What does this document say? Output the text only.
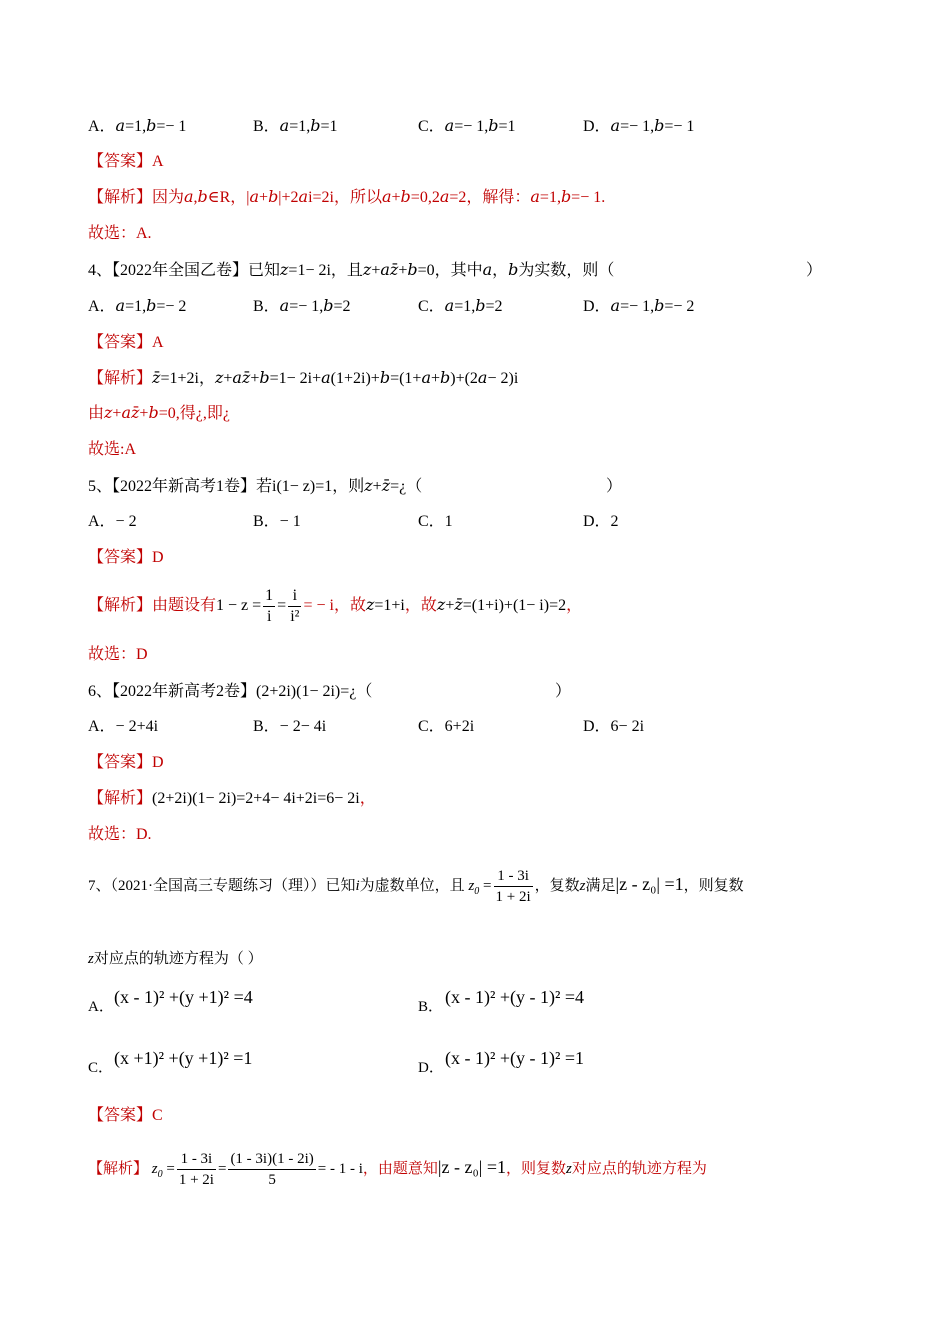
A．𝑎=1,𝑏=− 1	B．𝑎=1,𝑏=1	C．𝑎=− 1,𝑏=1	D．𝑎=− 1,𝑏=− 1
【答案】A
【解析】因为𝑎,𝑏∈R，|𝑎+𝑏|+2𝑎i=2i，所以𝑎+𝑏=0,2𝑎=2，解得：𝑎=1,𝑏=− 1.
故选：A.
4、【2022年全国乙卷】已知𝑧=1− 2i，且𝑧+𝑎𝑧̄+𝑏=0，其中𝑎，𝑏为实数，则（	）
A．𝑎=1,𝑏=− 2	B．𝑎=− 1,𝑏=2	C．𝑎=1,𝑏=2	D．𝑎=− 1,𝑏=− 2
【答案】A
【解析】𝑧̄=1+2i，𝑧+𝑎𝑧̄+𝑏=1− 2i+𝑎(1+2i)+𝑏=(1+𝑎+𝑏)+(2𝑎− 2)i
由𝑧+𝑎𝑧̄+𝑏=0,得¿,即¿
故选:A
5、【2022年新高考1卷】若i(1− z)=1，则𝑧+𝑧̄=¿（	）
A．− 2	B．− 1	C．1	D．2
【答案】D
【解析】由题设有$1 - z = \frac{1}{i} = \frac{i}{\text{i²}}$ = − i，故𝑧=1+i，故𝑧+𝑧̄=(1+i)+(1− i)=2，
故选：D
6、【2022年新高考2卷】(2+2i)(1− 2i)=¿（	）
A．− 2+4i	B．− 2− 4i	C．6+2i	D．6− 2i
【答案】D
【解析】(2+2i)(1− 2i)=2+4− 4i+2i=6− 2i，
故选：D.
7、（2021·全国高三专题练习（理））已知i为虚数单位，且 $z_0 = \frac{1 - 3i}{1 + 2i}$ ，复数z满足|z - z₀| =1，则复数
z对应点的轨迹方程为（ ）
A． (x - 1)² +(y +1)² =4	B． (x - 1)² +(y - 1)² =4
C． (x +1)² +(y +1)² =1	D． (x - 1)² +(y - 1)² =1
【答案】C
【解析】 $z_0 = \frac{1 - 3i}{1 + 2i} = \frac{(1 - 3i)(1 - 2i)}{5}$ = - 1 - i，由题意知|z - z₀| =1，则复数z对应点的轨迹方程为
